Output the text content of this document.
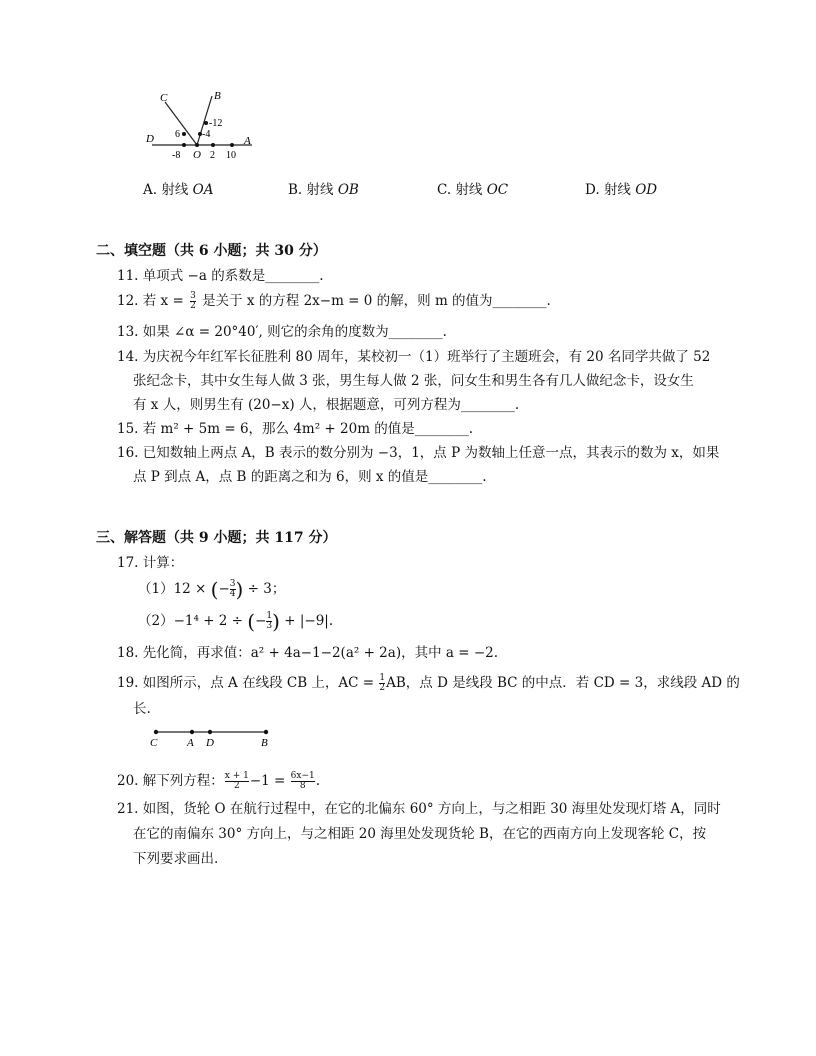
C	B
D	A
O
6
-12
-4
-8	2 10
A. 射线 OA	B. 射线 OB	C. 射线 OC	D. 射线 OD
二、填空题（共 6 小题；共 30 分）
11. 单项式 −a 的系数是________.
12. 若 $x = \frac{3}{2}$ 是关于 x 的方程 2x−m = 0 的解，则 m 的值为________.
13. 如果 ∠α = 20°40′, 则它的余角的度数为________.
14. 为庆祝今年红军长征胜利 80 周年，某校初一（1）班举行了主题班会，有 20 名同学共做了 52
张纪念卡，其中女生每人做 3 张，男生每人做 2 张，问女生和男生各有几人做纪念卡，设女生
有 x 人，则男生有 (20−x) 人，根据题意，可列方程为________.
15. 若 m² + 5m = 6，那么 4m² + 20m 的值是________.
16. 已知数轴上两点 A，B 表示的数分别为 −3，1，点 P 为数轴上任意一点，其表示的数为 x，如果
点 P 到点 A，点 B 的距离之和为 6，则 x 的值是________.
三、解答题（共 9 小题；共 117 分）
17. 计算：
（1）12 × (− $\frac{3}{4}$ ) ÷ 3；
（2）−1⁴ + 2 ÷ (− $\frac{1}{3}$ ) + |−9|.
18. 先化简，再求值：a² + 4a−1−2(a² + 2a)，其中 a = −2.
19. 如图所示，点 A 在线段 CB 上，AC = $\frac{1}{2}$ AB，点 D 是线段 BC 的中点．若 CD = 3，求线段 AD 的
长.
C	A D	B
20. 解下列方程： $\frac{x + 1}{2} -1 = \frac{6x-1}{8}$ .
21. 如图，货轮 O 在航行过程中，在它的北偏东 60° 方向上，与之相距 30 海里处发现灯塔 A，同时
在它的南偏东 30° 方向上，与之相距 20 海里处发现货轮 B，在它的西南方向上发现客轮 C，按
下列要求画出.
